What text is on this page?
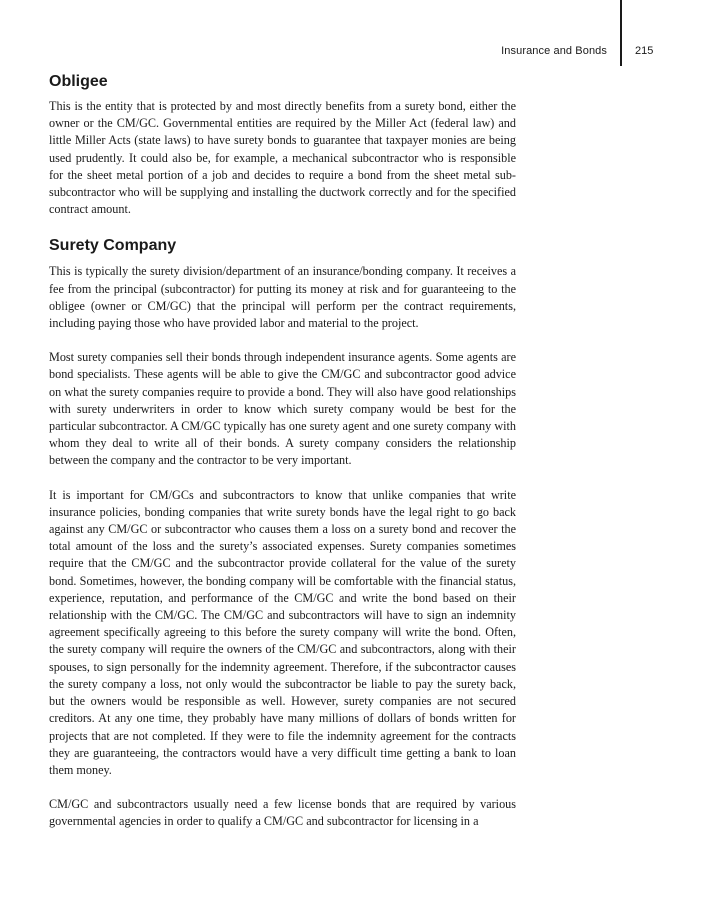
Insurance and Bonds	215
Obligee

This is the entity that is protected by and most directly benefits from a surety bond, either the owner or the CM/GC. Governmental entities are required by the Miller Act (federal law) and little Miller Acts (state laws) to have surety bonds to guarantee that taxpayer monies are being used prudently. It could also be, for example, a mechanical subcontractor who is responsible for the sheet metal portion of a job and decides to require a bond from the sheet metal sub-subcontractor who will be supplying and installing the ductwork correctly and for the specified contract amount.

Surety Company

This is typically the surety division/department of an insurance/bonding company. It receives a fee from the principal (subcontractor) for putting its money at risk and for guaranteeing to the obligee (owner or CM/GC) that the principal will perform per the contract requirements, including paying those who have provided labor and material to the project.

Most surety companies sell their bonds through independent insurance agents. Some agents are bond specialists. These agents will be able to give the CM/GC and subcontractor good advice on what the surety companies require to provide a bond. They will also have good relationships with surety underwriters in order to know which surety company would be best for the particular subcontractor. A CM/GC typically has one surety agent and one surety company with whom they deal to write all of their bonds. A surety company considers the relationship between the company and the contractor to be very important.

It is important for CM/GCs and subcontractors to know that unlike companies that write insurance policies, bonding companies that write surety bonds have the legal right to go back against any CM/GC or subcontractor who causes them a loss on a surety bond and recover the total amount of the loss and the surety’s associated expenses. Surety companies sometimes require that the CM/GC and the subcontractor provide collateral for the value of the surety bond. Sometimes, however, the bonding company will be comfortable with the financial status, experience, reputation, and performance of the CM/GC and write the bond based on their relationship with the CM/GC. The CM/GC and subcontractors will have to sign an indemnity agreement specifically agreeing to this before the surety company will write the bond. Often, the surety company will require the owners of the CM/GC and subcontractors, along with their spouses, to sign personally for the indemnity agreement. Therefore, if the subcontractor causes the surety company a loss, not only would the subcontractor be liable to pay the surety back, but the owners would be responsible as well. However, surety companies are not secured creditors. At any one time, they probably have many millions of dollars of bonds written for projects that are not completed. If they were to file the indemnity agreement for the contracts they are guaranteeing, the contractors would have a very difficult time getting a bank to loan them money.

CM/GC and subcontractors usually need a few license bonds that are required by various governmental agencies in order to qualify a CM/GC and subcontractor for licensing in a
